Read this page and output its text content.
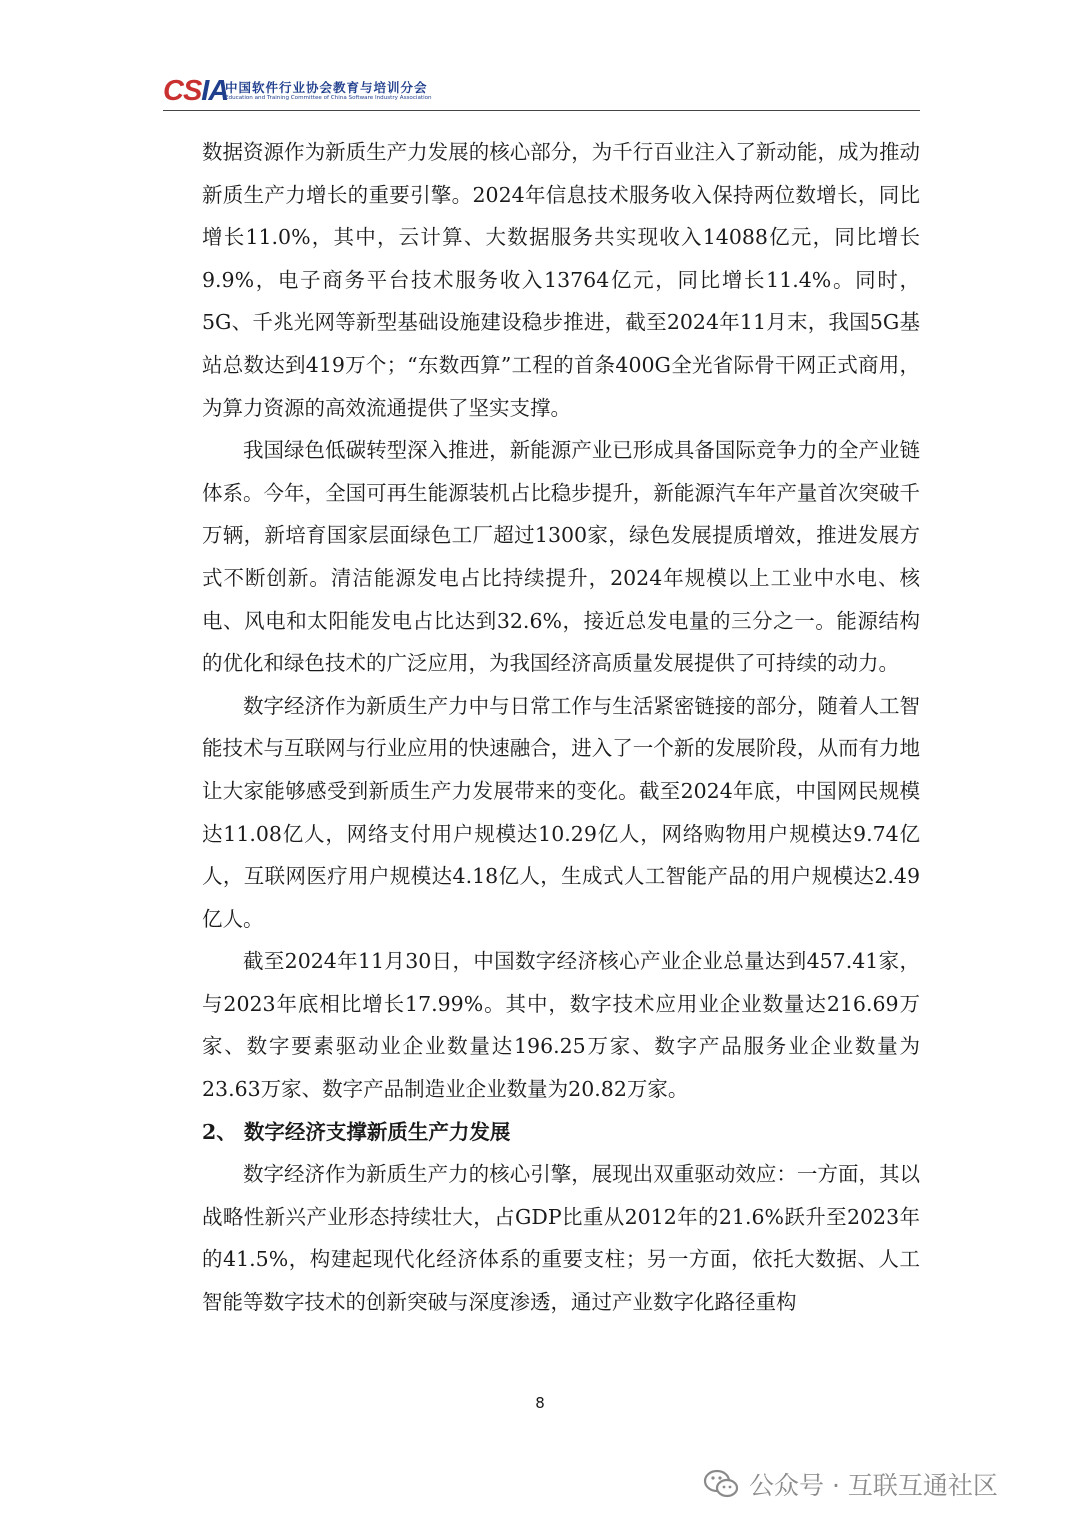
CSIA
中国软件行业协会教育与培训分会
Education and Training Committee of China Software Industry Association

数据资源作为新质生产力发展的核心部分，为千行百业注入了新动能，成为推动新质生产力增长的重要引擎。2024年信息技术服务收入保持两位数增长，同比增长11.0%，其中，云计算、大数据服务共实现收入14088亿元，同比增长9.9%，电子商务平台技术服务收入13764亿元，同比增长11.4%。同时，5G、千兆光网等新型基础设施建设稳步推进，截至2024年11月末，我国5G基站总数达到419万个；“东数西算”工程的首条400G全光省际骨干网正式商用，为算力资源的高效流通提供了坚实支撑。

我国绿色低碳转型深入推进，新能源产业已形成具备国际竞争力的全产业链体系。今年，全国可再生能源装机占比稳步提升，新能源汽车年产量首次突破千万辆，新培育国家层面绿色工厂超过1300家，绿色发展提质增效，推进发展方式不断创新。清洁能源发电占比持续提升，2024年规模以上工业中水电、核电、风电和太阳能发电占比达到32.6%，接近总发电量的三分之一。能源结构的优化和绿色技术的广泛应用，为我国经济高质量发展提供了可持续的动力。

数字经济作为新质生产力中与日常工作与生活紧密链接的部分，随着人工智能技术与互联网与行业应用的快速融合，进入了一个新的发展阶段，从而有力地让大家能够感受到新质生产力发展带来的变化。截至2024年底，中国网民规模达11.08亿人，网络支付用户规模达10.29亿人，网络购物用户规模达9.74亿人，互联网医疗用户规模达4.18亿人，生成式人工智能产品的用户规模达2.49亿人。

截至2024年11月30日，中国数字经济核心产业企业总量达到457.41家，与2023年底相比增长17.99%。其中，数字技术应用业企业数量达216.69万家、数字要素驱动业企业数量达196.25万家、数字产品服务业企业数量为23.63万家、数字产品制造业企业数量为20.82万家。

2、 数字经济支撑新质生产力发展

数字经济作为新质生产力的核心引擎，展现出双重驱动效应：一方面，其以战略性新兴产业形态持续壮大，占GDP比重从2012年的21.6%跃升至2023年的41.5%，构建起现代化经济体系的重要支柱；另一方面，依托大数据、人工智能等数字技术的创新突破与深度渗透，通过产业数字化路径重构

8
公众号 · 互联互通社区
